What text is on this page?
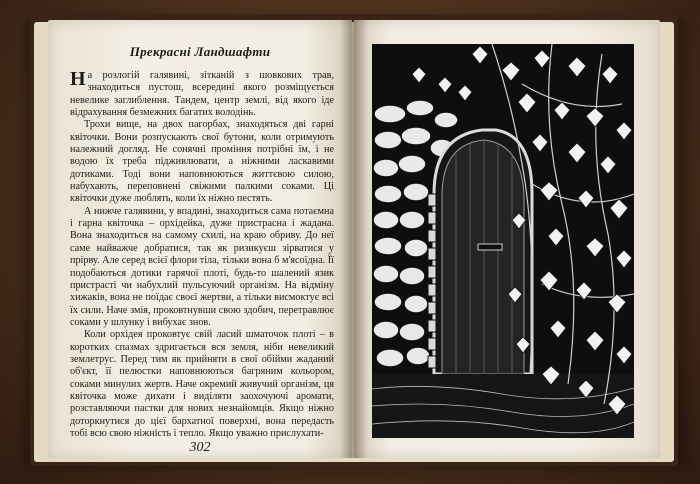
Прекрасні Ландшафти

На розлогій галявині, зітканій з шовкових трав, знаходиться пустош, всередині якого розміщується невелике заглиблення. Тандем, центр землі, від якого ідe відрахування безмежних багатих володінь.

Трохи вище, на двох пагорбах, знаходяться дві гарні квіточки. Вони розпускають свої бутони, коли отримують належний догляд. Не сонячні проміння потрібні їм, і не водою їх треба підживлювати, а ніжними ласкавими дотиками. Тоді вони наповнюються життєвою силою, набухають, переповнені свіжими палкими соками. Ці квіточки дуже люблять, коли їх ніжно пестять.

А нижче галявини, у впадині, знаходиться сама потаємна і гарна квіточка – орхідейка, дуже пристрасна і жадана. Вона знаходиться на самому схилі, на краю обриву. До неї саме найважче добратися, так як ризикуєш зірватися у прірву. Але серед всієї флори тіла, тільки вона б м'ясоїдна. Її подобаються дотики гарячої плоті, будь-то шалений язик пристрасті чи набухлий пульсуючий організм. На відміну хижаків, вона не поїдає своєї жертви, а тільки висмоктує всі їх сили. Наче змія, проковтнувши свою здобич, перетравлює соками у шлунку і вибухає знов.

Коли орхідея проковтує свій ласий шматочок плоті – в коротких спазмах здригається вся земля, ніби невеликий землетрус. Перед тим як прийняти в свої обійми жаданий об'єкт, її пелюстки наповнюються багряним кольором, соками минулих жертв. Наче окремий живучий організм, ця квіточка може дихати і виділяти заохочуючі аромати, розставляючи пастки для нових незнайомців. Якщо ніжно доторкнутися до цієї бархатної поверхні, вона передасть тобі всю свою ніжність і тепло. Якщо уважно прислухати-

302
